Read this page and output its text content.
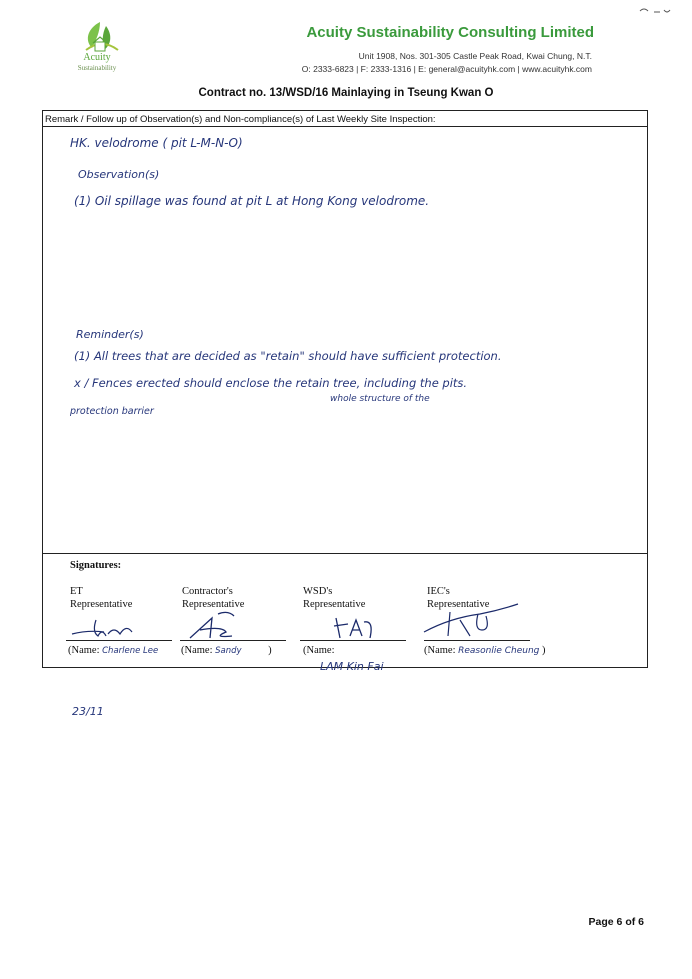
Acuity
Sustainability
Acuity Sustainability Consulting Limited
Unit 1908, Nos. 301-305 Castle Peak Road, Kwai Chung, N.T.
O: 2333-6823 | F: 2333-1316 | E: general@acuityhk.com | www.acuityhk.com
Contract no. 13/WSD/16 Mainlaying in Tseung Kwan O
Remark / Follow up of Observation(s) and Non-compliance(s) of Last Weekly Site Inspection:
HK. velodrome ( pit L-M-N-O)
Observation(s)
(1) Oil spillage was found at pit L at Hong Kong velodrome.
Reminder(s)
(1) All trees that are decided as "retain" should have sufficient protection.
x / Fences erected should enclose the retain tree, including the pits.
whole structure of the
protection barrier
Signatures:
ET
Representative
Contractor's
Representative
WSD's
Representative
IEC's
Representative
(Name: Charlene Lee (Name: Sandy	)	(Name:
LAM Kin Fai
(Name: Reasonlie Cheung )
23/11
Page 6 of 6
